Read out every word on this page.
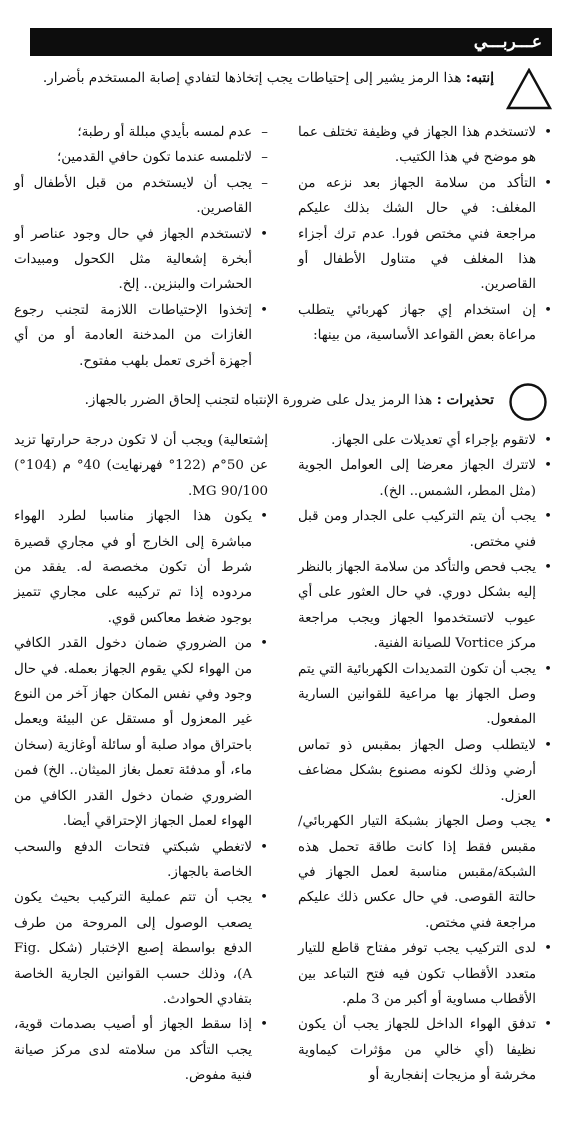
عـــربـــي
إنتبه: هذا الرمز يشير إلى إحتياطات يجب إتخاذها لتفادي إصابة المستخدم بأضرار.
•
لاتستخدم هذا الجهاز في وظيفة تختلف عما هو موضح في هذا الكتيب.
•
التأكد من سلامة الجهاز بعد نزعه من المغلف: في حال الشك بذلك عليكم مراجعة فني مختص فورا. عدم ترك أجزاء هذا المغلف في متناول الأطفال أو القاصرين.
•
إن استخدام إي جهاز كهربائي يتطلب مراعاة بعض القواعد الأساسية، من بينها:
–
عدم لمسه بأيدي مبللة أو رطبة؛
–
لاتلمسه عندما تكون حافي القدمين؛
–
يجب أن لايستخدم من قبل الأطفال أو القاصرين.
•
لاتستخدم الجهاز في حال وجود عناصر أو أبخرة إشعالية مثل الكحول ومبيدات الحشرات والبنزين.. إلخ.
•
إتخذوا الإحتياطات اللازمة لتجنب رجوع الغازات من المدخنة العادمة أو من أي أجهزة أخرى تعمل بلهب مفتوح.
تحذيرات : هذا الرمز يدل على ضرورة الإنتباه لتجنب إلحاق الضرر بالجهاز.
•
لاتقوم بإجراء أي تعديلات على الجهاز.
•
لاتترك الجهاز معرضا إلى العوامل الجوية (مثل المطر، الشمس.. الخ).
•
يجب أن يتم التركيب على الجدار ومن قبل فني مختص.
•
يجب فحص والتأكد من سلامة الجهاز بالنظر إليه بشكل دوري. في حال العثور على أي عيوب لاتستخدموا الجهاز ويجب مراجعة مركز Vortice للصيانة الفنية.
•
يجب أن تكون التمديدات الكهربائية التي يتم وصل الجهاز بها مراعية للقوانين السارية المفعول.
•
لايتطلب وصل الجهاز بمقبس ذو تماس أرضي وذلك لكونه مصنوع بشكل مضاعف العزل.
•
يجب وصل الجهاز بشبكة التيار الكهربائي/مقبس فقط إذا كانت طاقة تحمل هذه الشبكة/مقبس مناسبة لعمل الجهاز في حالتة القوصى. في حال عكس ذلك عليكم مراجعة فني مختص.
•
لدى التركيب يجب توفر مفتاح قاطع للتيار متعدد الأقطاب تكون فيه فتح التباعد بين الأقطاب مساوية أو أكبر من 3 ملم.
•
تدفق الهواء الداخل للجهاز يجب أن يكون نظيفا (أي خالي من مؤثرات كيماوية مخرشة أو مزيجات إنفجارية أو
إشتعالية) ويجب أن لا تكون درجة حرارتها تزيد عن 50°م (122° فهرنهايت) 40° م (104°) MG 90/100.
•
يكون هذا الجهاز مناسبا لطرد الهواء مباشرة إلى الخارج أو في مجاري قصيرة شرط أن تكون مخصصة له. يفقد من مردوده إذا تم تركيبه على مجاري تتميز بوجود ضغط معاكس قوي.
•
من الضروري ضمان دخول القدر الكافي من الهواء لكي يقوم الجهاز بعمله. في حال وجود وفي نفس المكان جهاز آخر من النوع غير المعزول أو مستقل عن البيئة ويعمل باحتراق مواد صلبة أو سائلة أوغازية (سخان ماء، أو مدفئة تعمل بغاز الميثان.. الخ) فمن الضروري ضمان دخول القدر الكافي من الهواء لعمل الجهاز الإحتراقي أيضا.
•
لاتغطي شبكتي فتحات الدفع والسحب الخاصة بالجهاز.
•
يجب أن تتم عملية التركيب بحيث يكون يصعب الوصول إلى المروحة من طرف الدفع بواسطة إصبع الإختبار (شكل Fig. A)، وذلك حسب القوانين الجارية الخاصة بتفادي الحوادث.
•
إذا سقط الجهاز أو أصيب بصدمات قوية، يجب التأكد من سلامته لدى مركز صيانة فنية مفوض.
